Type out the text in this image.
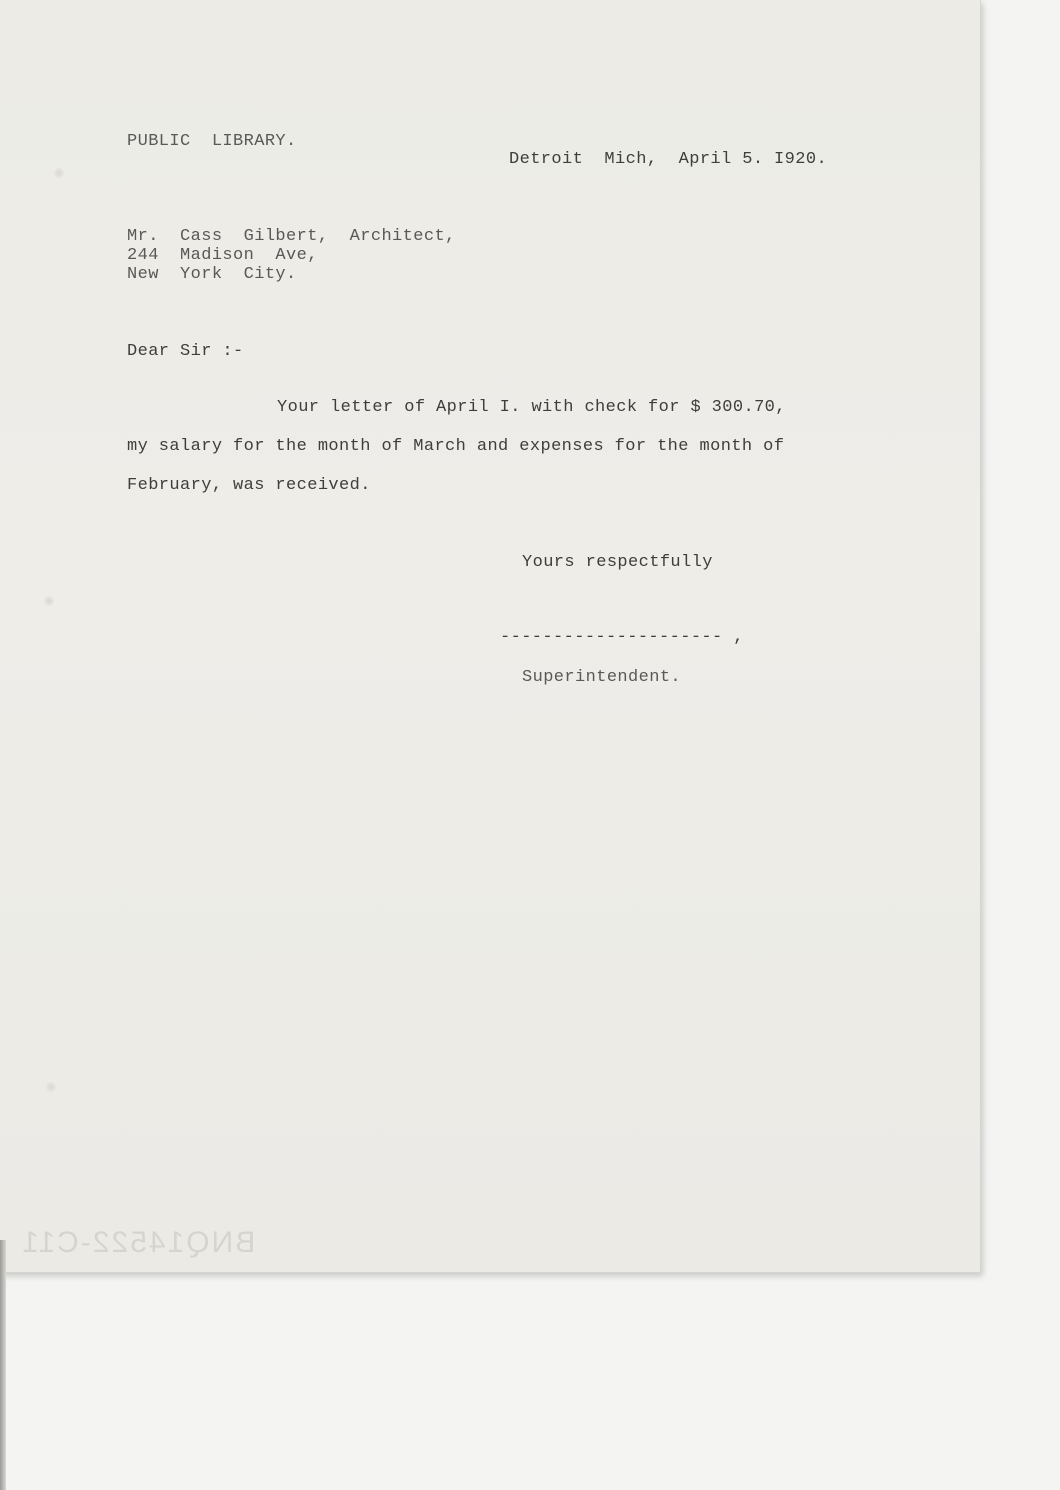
PUBLIC  LIBRARY.
Detroit  Mich,  April 5. I920.
Mr.  Cass  Gilbert,  Architect,
244  Madison  Ave,
New  York  City.
Dear Sir :-
Your letter of April I. with check for $ 300.70,
my salary for the month of March and expenses for the month of
February, was received.
Yours respectfully
--------------------- ,
Superintendent.
BNQ14522-C11
